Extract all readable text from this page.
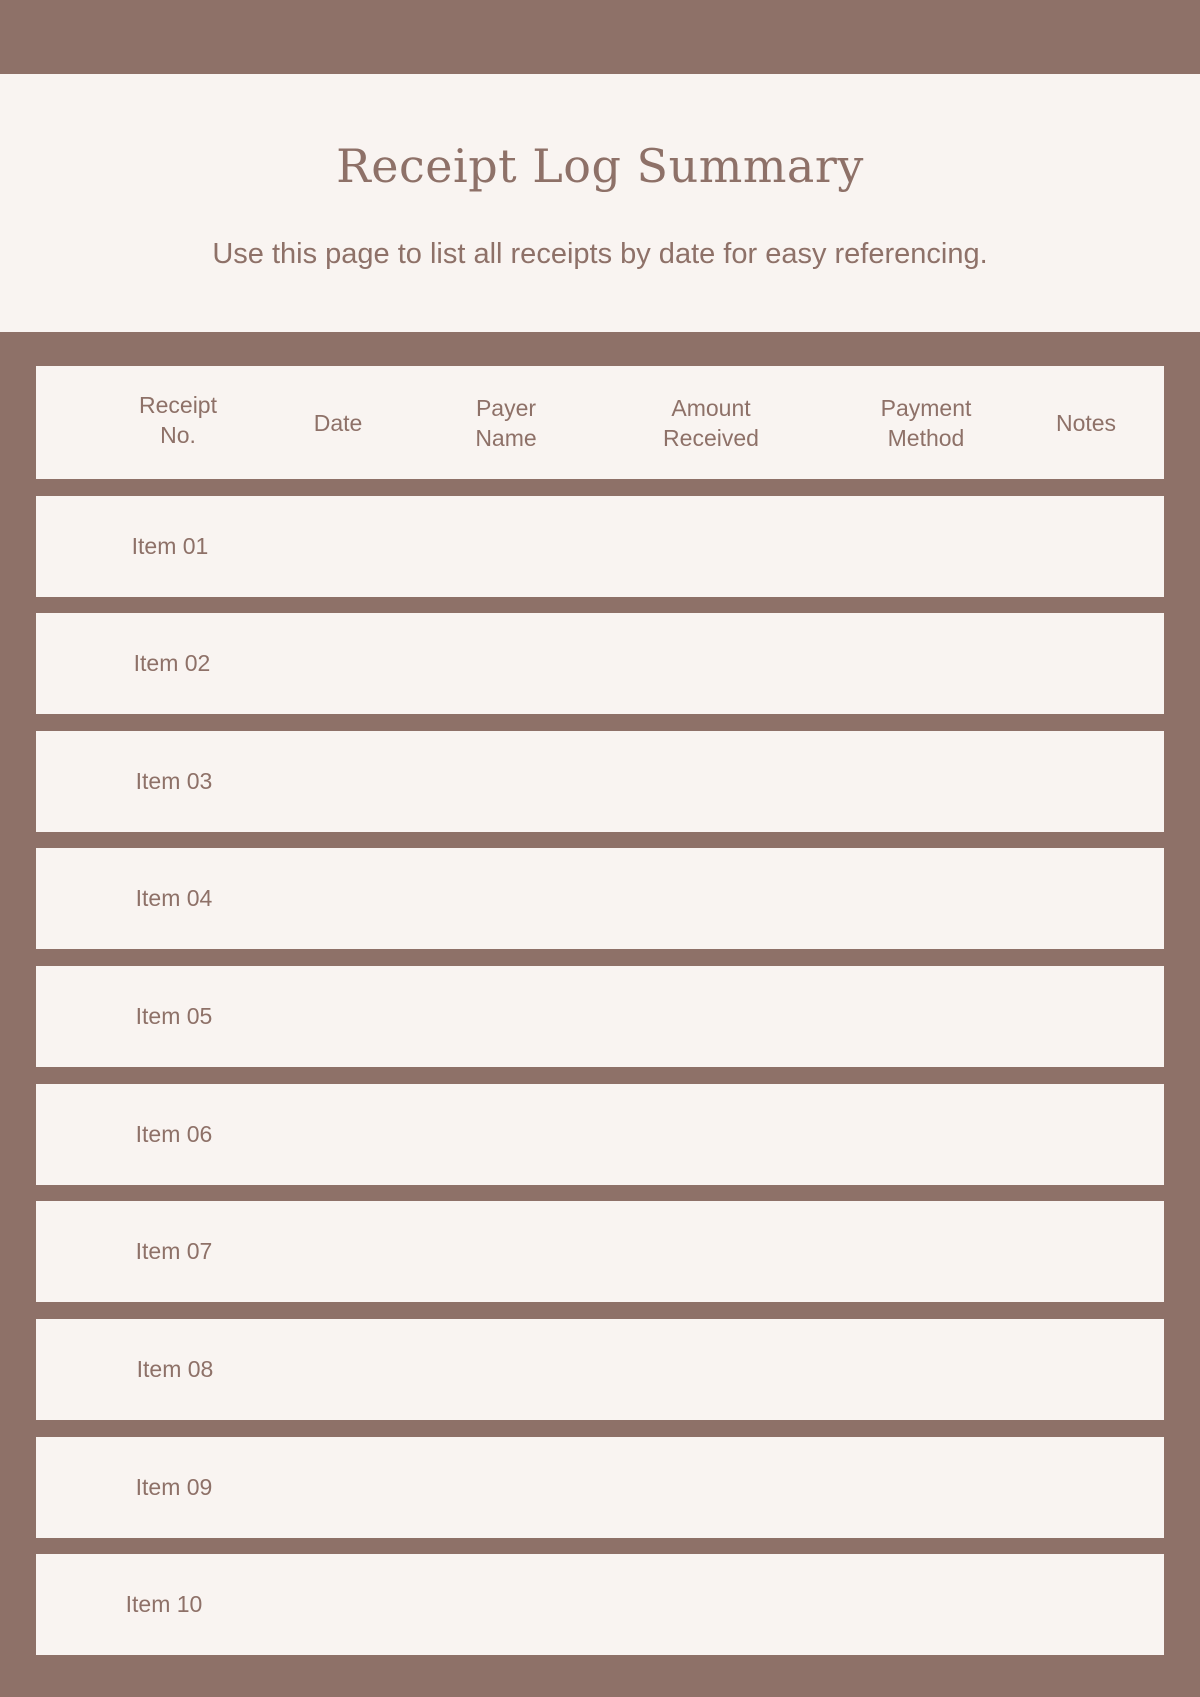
Receipt Log Summary
Use this page to list all receipts by date for easy referencing.
Receipt
No.	Date
Payer
Name
Amount
Received
Payment
Method
Notes
Item 01
Item 02
Item 03
Item 04
Item 05
Item 06
Item 07
Item 08
Item 09
Item 10
